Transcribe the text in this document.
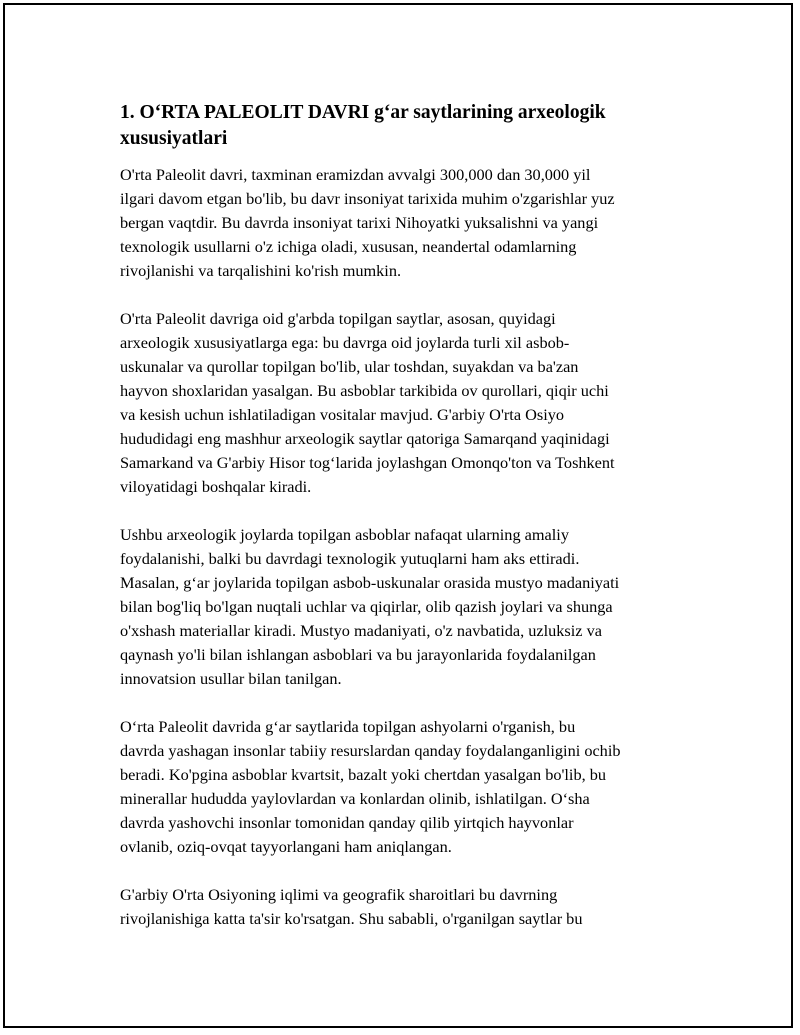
1. O‘RTA PALEOLIT DAVRI g‘ar saytlarining arxeologik xususiyatlari

O'rta Paleolit davri, taxminan eramizdan avvalgi 300,000 dan 30,000 yil
ilgari davom etgan bo'lib, bu davr insoniyat tarixida muhim o'zgarishlar yuz
bergan vaqtdir. Bu davrda insoniyat tarixi Nihoyatki yuksalishni va yangi
texnologik usullarni o'z ichiga oladi, xususan, neandertal odamlarning
rivojlanishi va tarqalishini ko'rish mumkin.

O'rta Paleolit davriga oid g'arbda topilgan saytlar, asosan, quyidagi
arxeologik xususiyatlarga ega: bu davrga oid joylarda turli xil asbob-
uskunalar va qurollar topilgan bo'lib, ular toshdan, suyakdan va ba'zan
hayvon shoxlaridan yasalgan. Bu asboblar tarkibida ov qurollari, qiqir uchi
va kesish uchun ishlatiladigan vositalar mavjud. G'arbiy O'rta Osiyo
hududidagi eng mashhur arxeologik saytlar qatoriga Samarqand yaqinidagi
Samarkand va G'arbiy Hisor tog‘larida joylashgan Omonqo'ton va Toshkent
viloyatidagi boshqalar kiradi.

Ushbu arxeologik joylarda topilgan asboblar nafaqat ularning amaliy
foydalanishi, balki bu davrdagi texnologik yutuqlarni ham aks ettiradi.
Masalan, g‘ar joylarida topilgan asbob-uskunalar orasida mustyo madaniyati
bilan bog'liq bo'lgan nuqtali uchlar va qiqirlar, olib qazish joylari va shunga
o'xshash materiallar kiradi. Mustyo madaniyati, o'z navbatida, uzluksiz va
qaynash yo'li bilan ishlangan asboblari va bu jarayonlarida foydalanilgan
innovatsion usullar bilan tanilgan.

O‘rta Paleolit davrida g‘ar saytlarida topilgan ashyolarni o'rganish, bu
davrda yashagan insonlar tabiiy resurslardan qanday foydalanganligini ochib
beradi. Ko'pgina asboblar kvartsit, bazalt yoki chertdan yasalgan bo'lib, bu
minerallar hududda yaylovlardan va konlardan olinib, ishlatilgan. O‘sha
davrda yashovchi insonlar tomonidan qanday qilib yirtqich hayvonlar
ovlanib, oziq-ovqat tayyorlangani ham aniqlangan.

G'arbiy O'rta Osiyoning iqlimi va geografik sharoitlari bu davrning
rivojlanishiga katta ta'sir ko'rsatgan. Shu sababli, o'rganilgan saytlar bu
